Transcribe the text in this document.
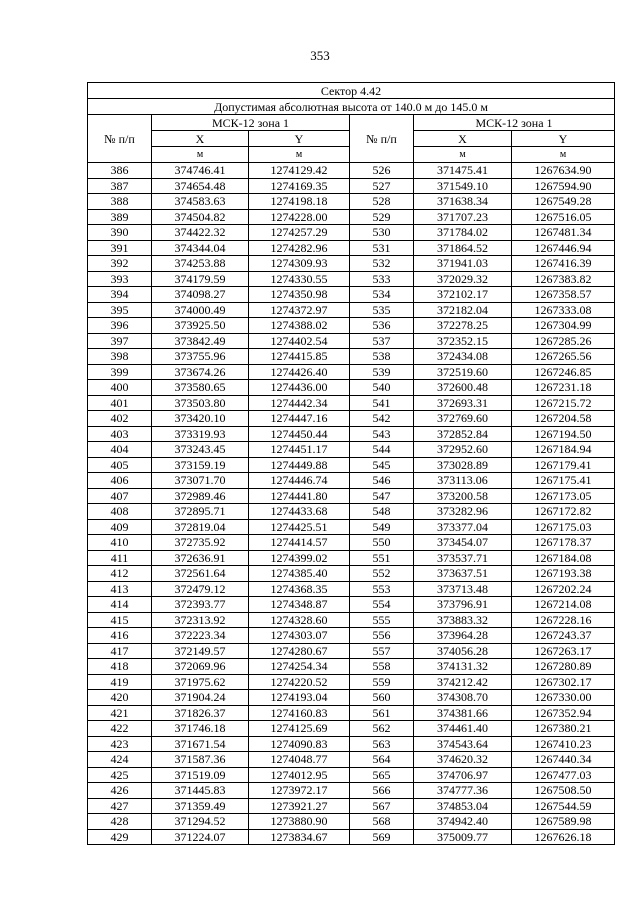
353
Сектор 4.42					
Допустимая абсолютная высота от 140.0 м до 145.0 м					
№ п/п	МСК-12 зона 1		№ п/п	МСК-12 зона 1	
	X	Y		X	Y
	м	м		м	м
386	374746.41	1274129.42	526	371475.41	1267634.90
387	374654.48	1274169.35	527	371549.10	1267594.90
388	374583.63	1274198.18	528	371638.34	1267549.28
389	374504.82	1274228.00	529	371707.23	1267516.05
390	374422.32	1274257.29	530	371784.02	1267481.34
391	374344.04	1274282.96	531	371864.52	1267446.94
392	374253.88	1274309.93	532	371941.03	1267416.39
393	374179.59	1274330.55	533	372029.32	1267383.82
394	374098.27	1274350.98	534	372102.17	1267358.57
395	374000.49	1274372.97	535	372182.04	1267333.08
396	373925.50	1274388.02	536	372278.25	1267304.99
397	373842.49	1274402.54	537	372352.15	1267285.26
398	373755.96	1274415.85	538	372434.08	1267265.56
399	373674.26	1274426.40	539	372519.60	1267246.85
400	373580.65	1274436.00	540	372600.48	1267231.18
401	373503.80	1274442.34	541	372693.31	1267215.72
402	373420.10	1274447.16	542	372769.60	1267204.58
403	373319.93	1274450.44	543	372852.84	1267194.50
404	373243.45	1274451.17	544	372952.60	1267184.94
405	373159.19	1274449.88	545	373028.89	1267179.41
406	373071.70	1274446.74	546	373113.06	1267175.41
407	372989.46	1274441.80	547	373200.58	1267173.05
408	372895.71	1274433.68	548	373282.96	1267172.82
409	372819.04	1274425.51	549	373377.04	1267175.03
410	372735.92	1274414.57	550	373454.07	1267178.37
411	372636.91	1274399.02	551	373537.71	1267184.08
412	372561.64	1274385.40	552	373637.51	1267193.38
413	372479.12	1274368.35	553	373713.48	1267202.24
414	372393.77	1274348.87	554	373796.91	1267214.08
415	372313.92	1274328.60	555	373883.32	1267228.16
416	372223.34	1274303.07	556	373964.28	1267243.37
417	372149.57	1274280.67	557	374056.28	1267263.17
418	372069.96	1274254.34	558	374131.32	1267280.89
419	371975.62	1274220.52	559	374212.42	1267302.17
420	371904.24	1274193.04	560	374308.70	1267330.00
421	371826.37	1274160.83	561	374381.66	1267352.94
422	371746.18	1274125.69	562	374461.40	1267380.21
423	371671.54	1274090.83	563	374543.64	1267410.23
424	371587.36	1274048.77	564	374620.32	1267440.34
425	371519.09	1274012.95	565	374706.97	1267477.03
426	371445.83	1273972.17	566	374777.36	1267508.50
427	371359.49	1273921.27	567	374853.04	1267544.59
428	371294.52	1273880.90	568	374942.40	1267589.98
429	371224.07	1273834.67	569	375009.77	1267626.18
